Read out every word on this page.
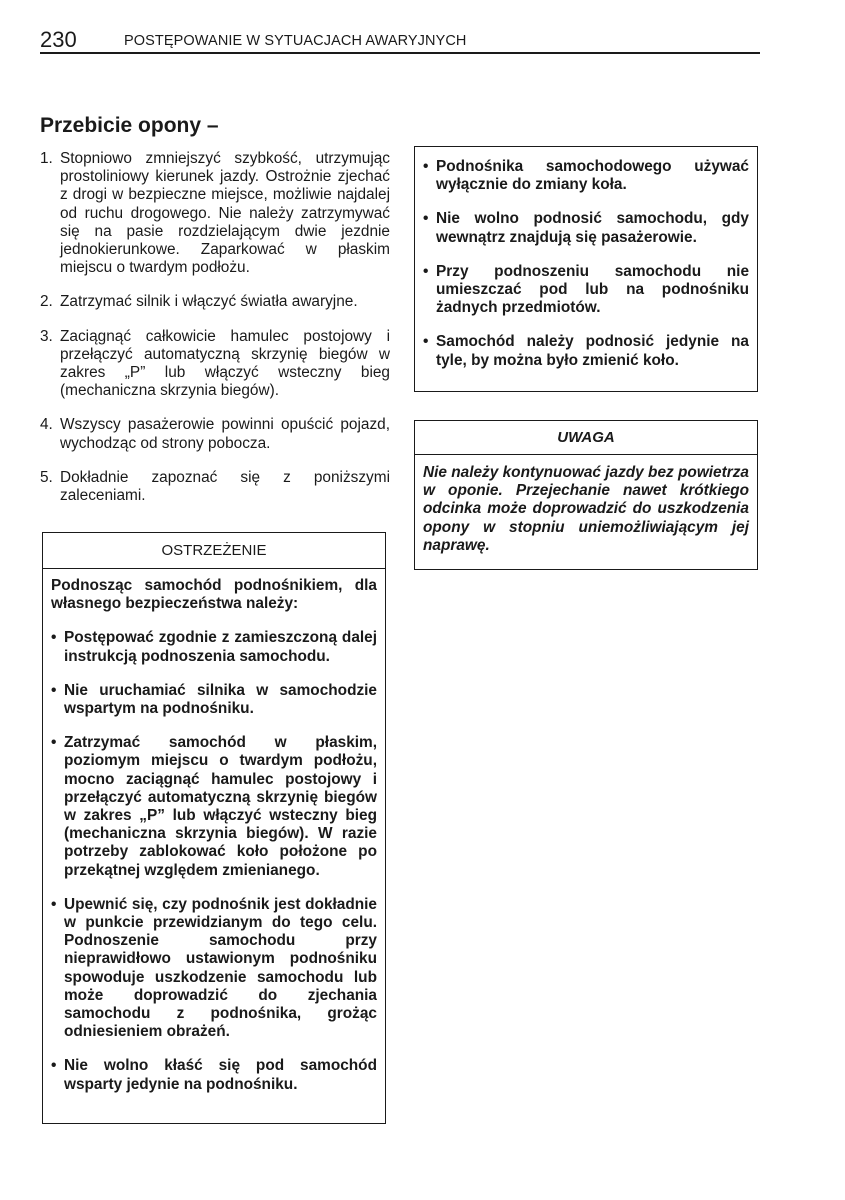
230	POSTĘPOWANIE W SYTUACJACH AWARYJNYCH
Przebicie opony –
1. Stopniowo zmniejszyć szybkość, utrzymując prostoliniowy kierunek jazdy. Ostrożnie zjechać z drogi w bezpieczne miejsce, możliwie najdalej od ruchu drogowego. Nie należy zatrzymywać się na pasie rozdzielającym dwie jezdnie jednokierunkowe. Zaparkować w płaskim miejscu o twardym podłożu.
2. Zatrzymać silnik i włączyć światła awaryjne.
3. Zaciągnąć całkowicie hamulec postojowy i przełączyć automatyczną skrzynię biegów w zakres „P” lub włączyć wsteczny bieg (mechaniczna skrzynia biegów).
4. Wszyscy pasażerowie powinni opuścić pojazd, wychodząc od strony pobocza.
5. Dokładnie zapoznać się z poniższymi zaleceniami.
OSTRZEŻENIE

Podnosząc samochód podnośnikiem, dla własnego bezpieczeństwa należy:

• Postępować zgodnie z zamieszczoną dalej instrukcją podnoszenia samochodu.
• Nie uruchamiać silnika w samochodzie wspartym na podnośniku.
• Zatrzymać samochód w płaskim, poziomym miejscu o twardym podłożu, mocno zaciągnąć hamulec postojowy i przełączyć automatyczną skrzynię biegów w zakres „P” lub włączyć wsteczny bieg (mechaniczna skrzynia biegów). W razie potrzeby zablokować koło położone po przekątnej względem zmienianego.
• Upewnić się, czy podnośnik jest dokładnie w punkcie przewidzianym do tego celu. Podnoszenie samochodu przy nieprawidłowo ustawionym podnośniku spowoduje uszkodzenie samochodu lub może doprowadzić do zjechania samochodu z podnośnika, grożąc odniesieniem obrażeń.
• Nie wolno kłaść się pod samochód wsparty jedynie na podnośniku.
• Podnośnika samochodowego używać wyłącznie do zmiany koła.
• Nie wolno podnosić samochodu, gdy wewnątrz znajdują się pasażerowie.
• Przy podnoszeniu samochodu nie umieszczać pod lub na podnośniku żadnych przedmiotów.
• Samochód należy podnosić jedynie na tyle, by można było zmienić koło.
UWAGA

Nie należy kontynuować jazdy bez powietrza w oponie. Przejechanie nawet krótkiego odcinka może doprowadzić do uszkodzenia opony w stopniu uniemożliwiającym jej naprawę.
